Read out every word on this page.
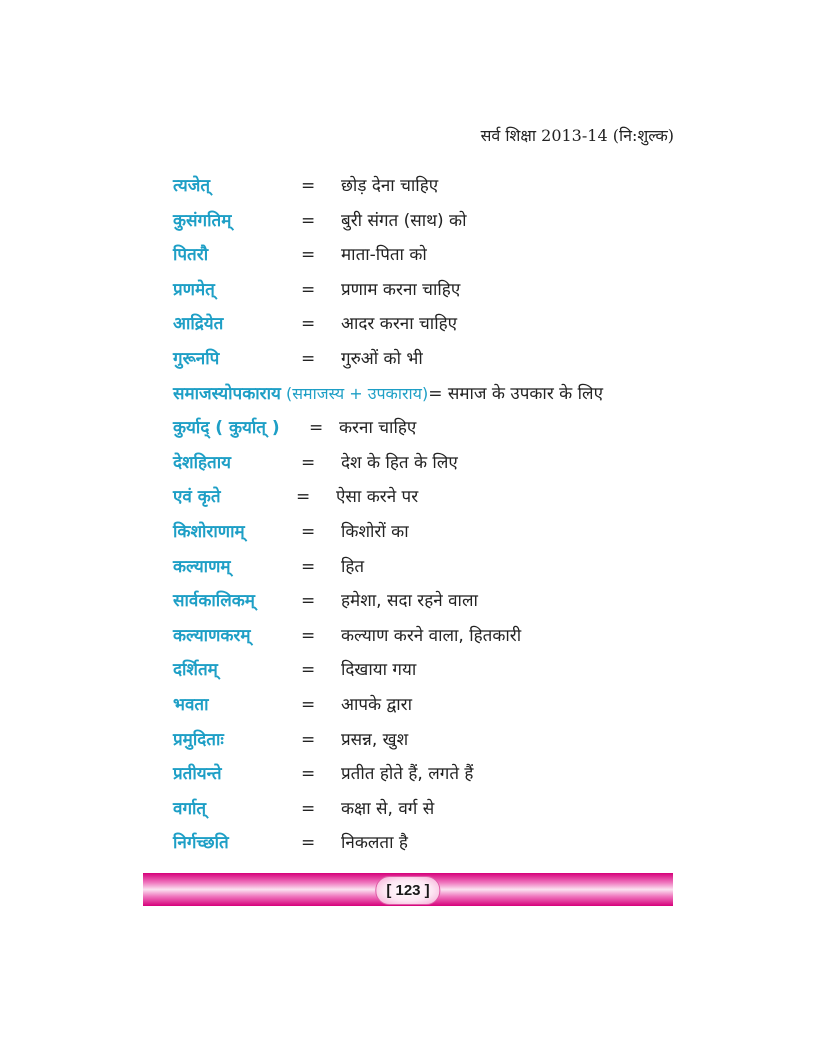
सर्व शिक्षा 2013-14 (नि:शुल्क)
त्यजेत्	= छोड़ देना चाहिए
कुसंगतिम्	= बुरी संगत (साथ) को
पितरौ	= माता-पिता को
प्रणमेत्	= प्रणाम करना चाहिए
आद्रियेत	= आदर करना चाहिए
गुरूनपि	= गुरुओं को भी
समाजस्योपकाराय (समाजस्य + उपकाराय)= समाज के उपकार के लिए
कुर्याद् ( कुर्यात् ) = करना चाहिए
देशहिताय	= देश के हित के लिए
एवं कृते	= ऐसा करने पर
किशोराणाम्	= किशोरों का
कल्याणम्	= हित
सार्वकालिकम्	= हमेशा, सदा रहने वाला
कल्याणकरम्	= कल्याण करने वाला, हितकारी
दर्शितम्	= दिखाया गया
भवता	= आपके द्वारा
प्रमुदिताः	= प्रसन्न, खुश
प्रतीयन्ते	= प्रतीत होते हैं, लगते हैं
वर्गात्	= कक्षा से, वर्ग से
निर्गच्छति	= निकलता है
[ 123 ]
